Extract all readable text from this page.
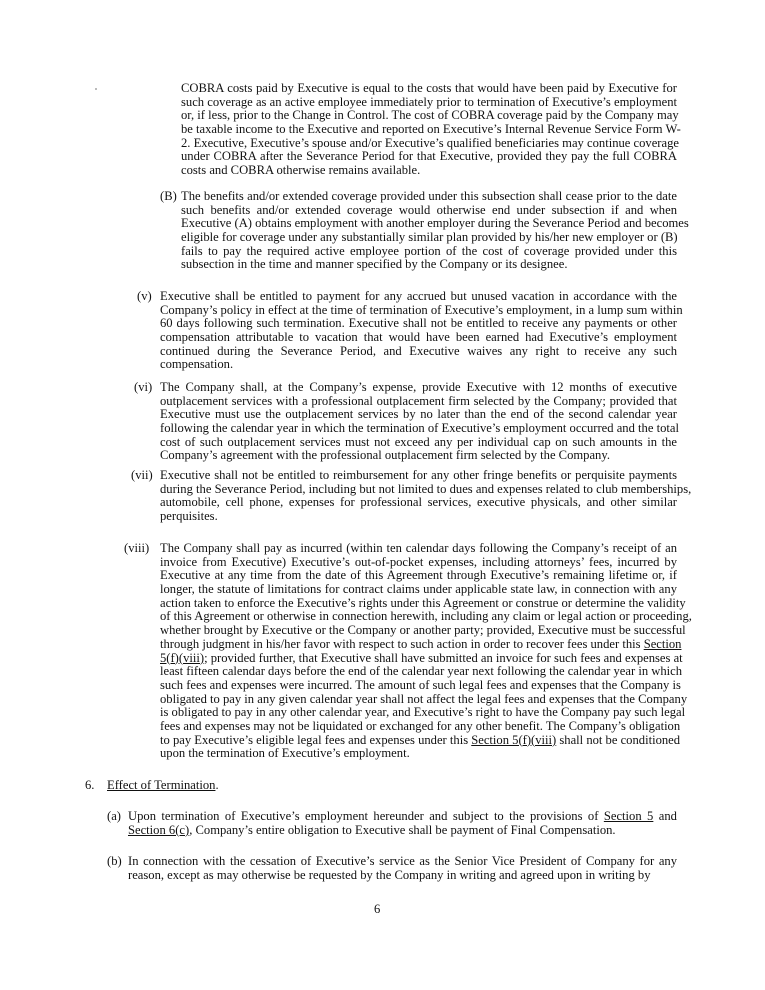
COBRA costs paid by Executive is equal to the costs that would have been paid by Executive for
such coverage as an active employee immediately prior to termination of Executive’s employment
or, if less, prior to the Change in Control. The cost of COBRA coverage paid by the Company may
be taxable income to the Executive and reported on Executive’s Internal Revenue Service Form W-
2. Executive, Executive’s spouse and/or Executive’s qualified beneficiaries may continue coverage
under COBRA after the Severance Period for that Executive, provided they pay the full COBRA
costs and COBRA otherwise remains available.
(B) The benefits and/or extended coverage provided under this subsection shall cease prior to the date
such benefits and/or extended coverage would otherwise end under subsection if and when
Executive (A) obtains employment with another employer during the Severance Period and becomes
eligible for coverage under any substantially similar plan provided by his/her new employer or (B)
fails to pay the required active employee portion of the cost of coverage provided under this
subsection in the time and manner specified by the Company or its designee.
(v) Executive shall be entitled to payment for any accrued but unused vacation in accordance with the
Company’s policy in effect at the time of termination of Executive’s employment, in a lump sum within
60 days following such termination. Executive shall not be entitled to receive any payments or other
compensation attributable to vacation that would have been earned had Executive’s employment
continued during the Severance Period, and Executive waives any right to receive any such
compensation.
(vi) The Company shall, at the Company’s expense, provide Executive with 12 months of executive
outplacement services with a professional outplacement firm selected by the Company; provided that
Executive must use the outplacement services by no later than the end of the second calendar year
following the calendar year in which the termination of Executive’s employment occurred and the total
cost of such outplacement services must not exceed any per individual cap on such amounts in the
Company’s agreement with the professional outplacement firm selected by the Company.
(vii) Executive shall not be entitled to reimbursement for any other fringe benefits or perquisite payments
during the Severance Period, including but not limited to dues and expenses related to club memberships,
automobile, cell phone, expenses for professional services, executive physicals, and other similar
perquisites.
(viii) The Company shall pay as incurred (within ten calendar days following the Company’s receipt of an
invoice from Executive) Executive’s out-of-pocket expenses, including attorneys’ fees, incurred by
Executive at any time from the date of this Agreement through Executive’s remaining lifetime or, if
longer, the statute of limitations for contract claims under applicable state law, in connection with any
action taken to enforce the Executive’s rights under this Agreement or construe or determine the validity
of this Agreement or otherwise in connection herewith, including any claim or legal action or proceeding,
whether brought by Executive or the Company or another party; provided, Executive must be successful
through judgment in his/her favor with respect to such action in order to recover fees under this Section
5(f)(viii); provided further, that Executive shall have submitted an invoice for such fees and expenses at
least fifteen calendar days before the end of the calendar year next following the calendar year in which
such fees and expenses were incurred. The amount of such legal fees and expenses that the Company is
obligated to pay in any given calendar year shall not affect the legal fees and expenses that the Company
is obligated to pay in any other calendar year, and Executive’s right to have the Company pay such legal
fees and expenses may not be liquidated or exchanged for any other benefit. The Company’s obligation
to pay Executive’s eligible legal fees and expenses under this Section 5(f)(viii) shall not be conditioned
upon the termination of Executive’s employment.
6. Effect of Termination.
(a) Upon termination of Executive’s employment hereunder and subject to the provisions of Section 5 and
Section 6(c), Company’s entire obligation to Executive shall be payment of Final Compensation.
(b) In connection with the cessation of Executive’s service as the Senior Vice President of Company for any
reason, except as may otherwise be requested by the Company in writing and agreed upon in writing by
6
